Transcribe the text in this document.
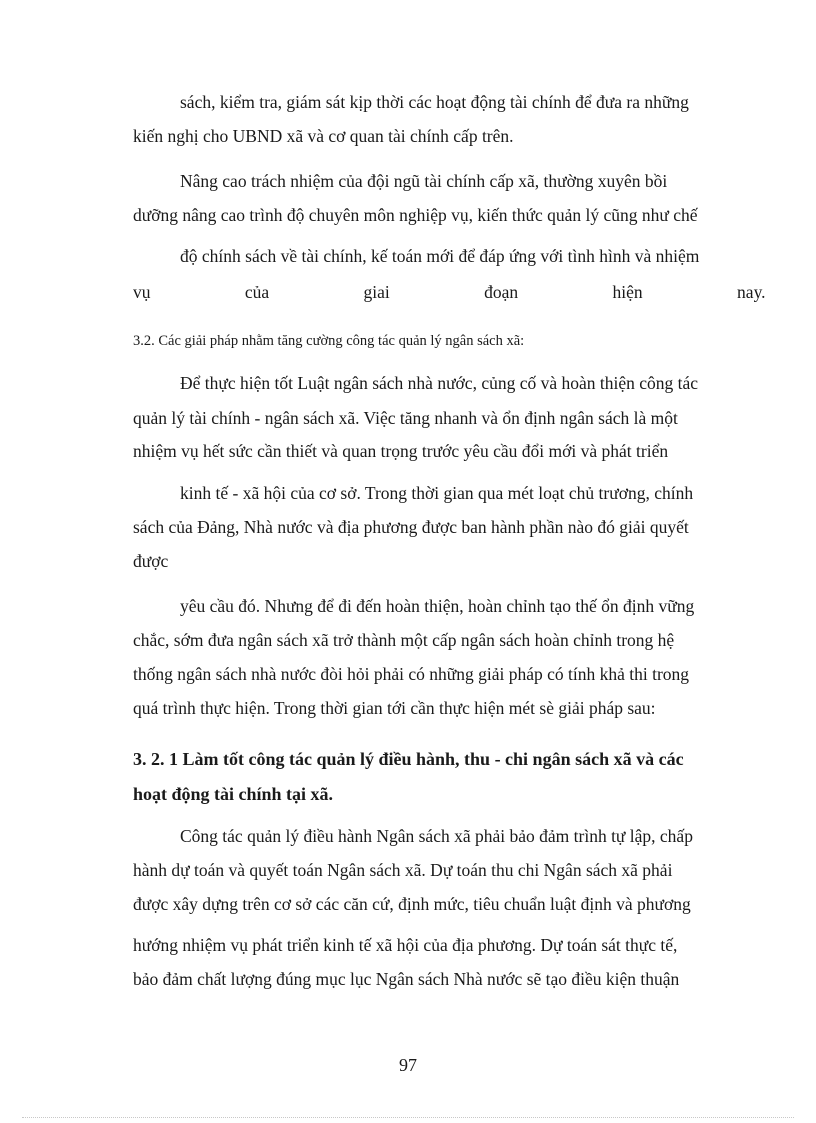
sách, kiểm tra, giám sát kịp thời các hoạt động tài chính để đưa ra những
kiến nghị cho UBND xã và cơ quan tài chính cấp trên.
Nâng cao trách nhiệm của đội ngũ tài chính cấp xã, thường xuyên bồi
dưỡng nâng cao trình độ chuyên môn nghiệp vụ, kiến thức quản lý cũng như chế
độ chính sách về tài chính, kế toán mới để đáp ứng với tình hình và nhiệm
vụ của giai đoạn hiện nay.
3.2. Các giải pháp nhằm tăng cường công tác quản lý ngân sách xã:
Để thực hiện tốt Luật ngân sách nhà nước, củng cố và hoàn thiện công tác
quản lý tài chính - ngân sách xã. Việc tăng nhanh và ổn định ngân sách là một
nhiệm vụ hết sức cần thiết và quan trọng trước yêu cầu đổi mới và phát triển
kinh tế - xã hội của cơ sở. Trong thời gian qua mét loạt chủ trương, chính
sách của Đảng, Nhà nước và địa phương được ban hành phần nào đó giải quyết
được
yêu cầu đó. Nhưng để đi đến hoàn thiện, hoàn chỉnh tạo thế ổn định vững
chắc, sớm đưa ngân sách xã trở thành một cấp ngân sách hoàn chỉnh trong hệ
thống ngân sách nhà nước đòi hỏi phải có những giải pháp có tính khả thi trong
quá trình thực hiện. Trong thời gian tới cần thực hiện mét sè giải pháp sau:
3. 2. 1 Làm tốt công tác quản lý điều hành, thu - chi ngân sách xã và các
hoạt động tài chính tại xã.
Công tác quản lý điều hành Ngân sách xã phải bảo đảm trình tự lập, chấp
hành dự toán và quyết toán Ngân sách xã. Dự toán thu chi Ngân sách xã phải
được xây dựng trên cơ sở các căn cứ, định mức, tiêu chuẩn luật định và phương
hướng nhiệm vụ phát triển kinh tế xã hội của địa phương. Dự toán sát thực tế,
bảo đảm chất lượng đúng mục lục Ngân sách Nhà nước sẽ tạo điều kiện thuận
97
